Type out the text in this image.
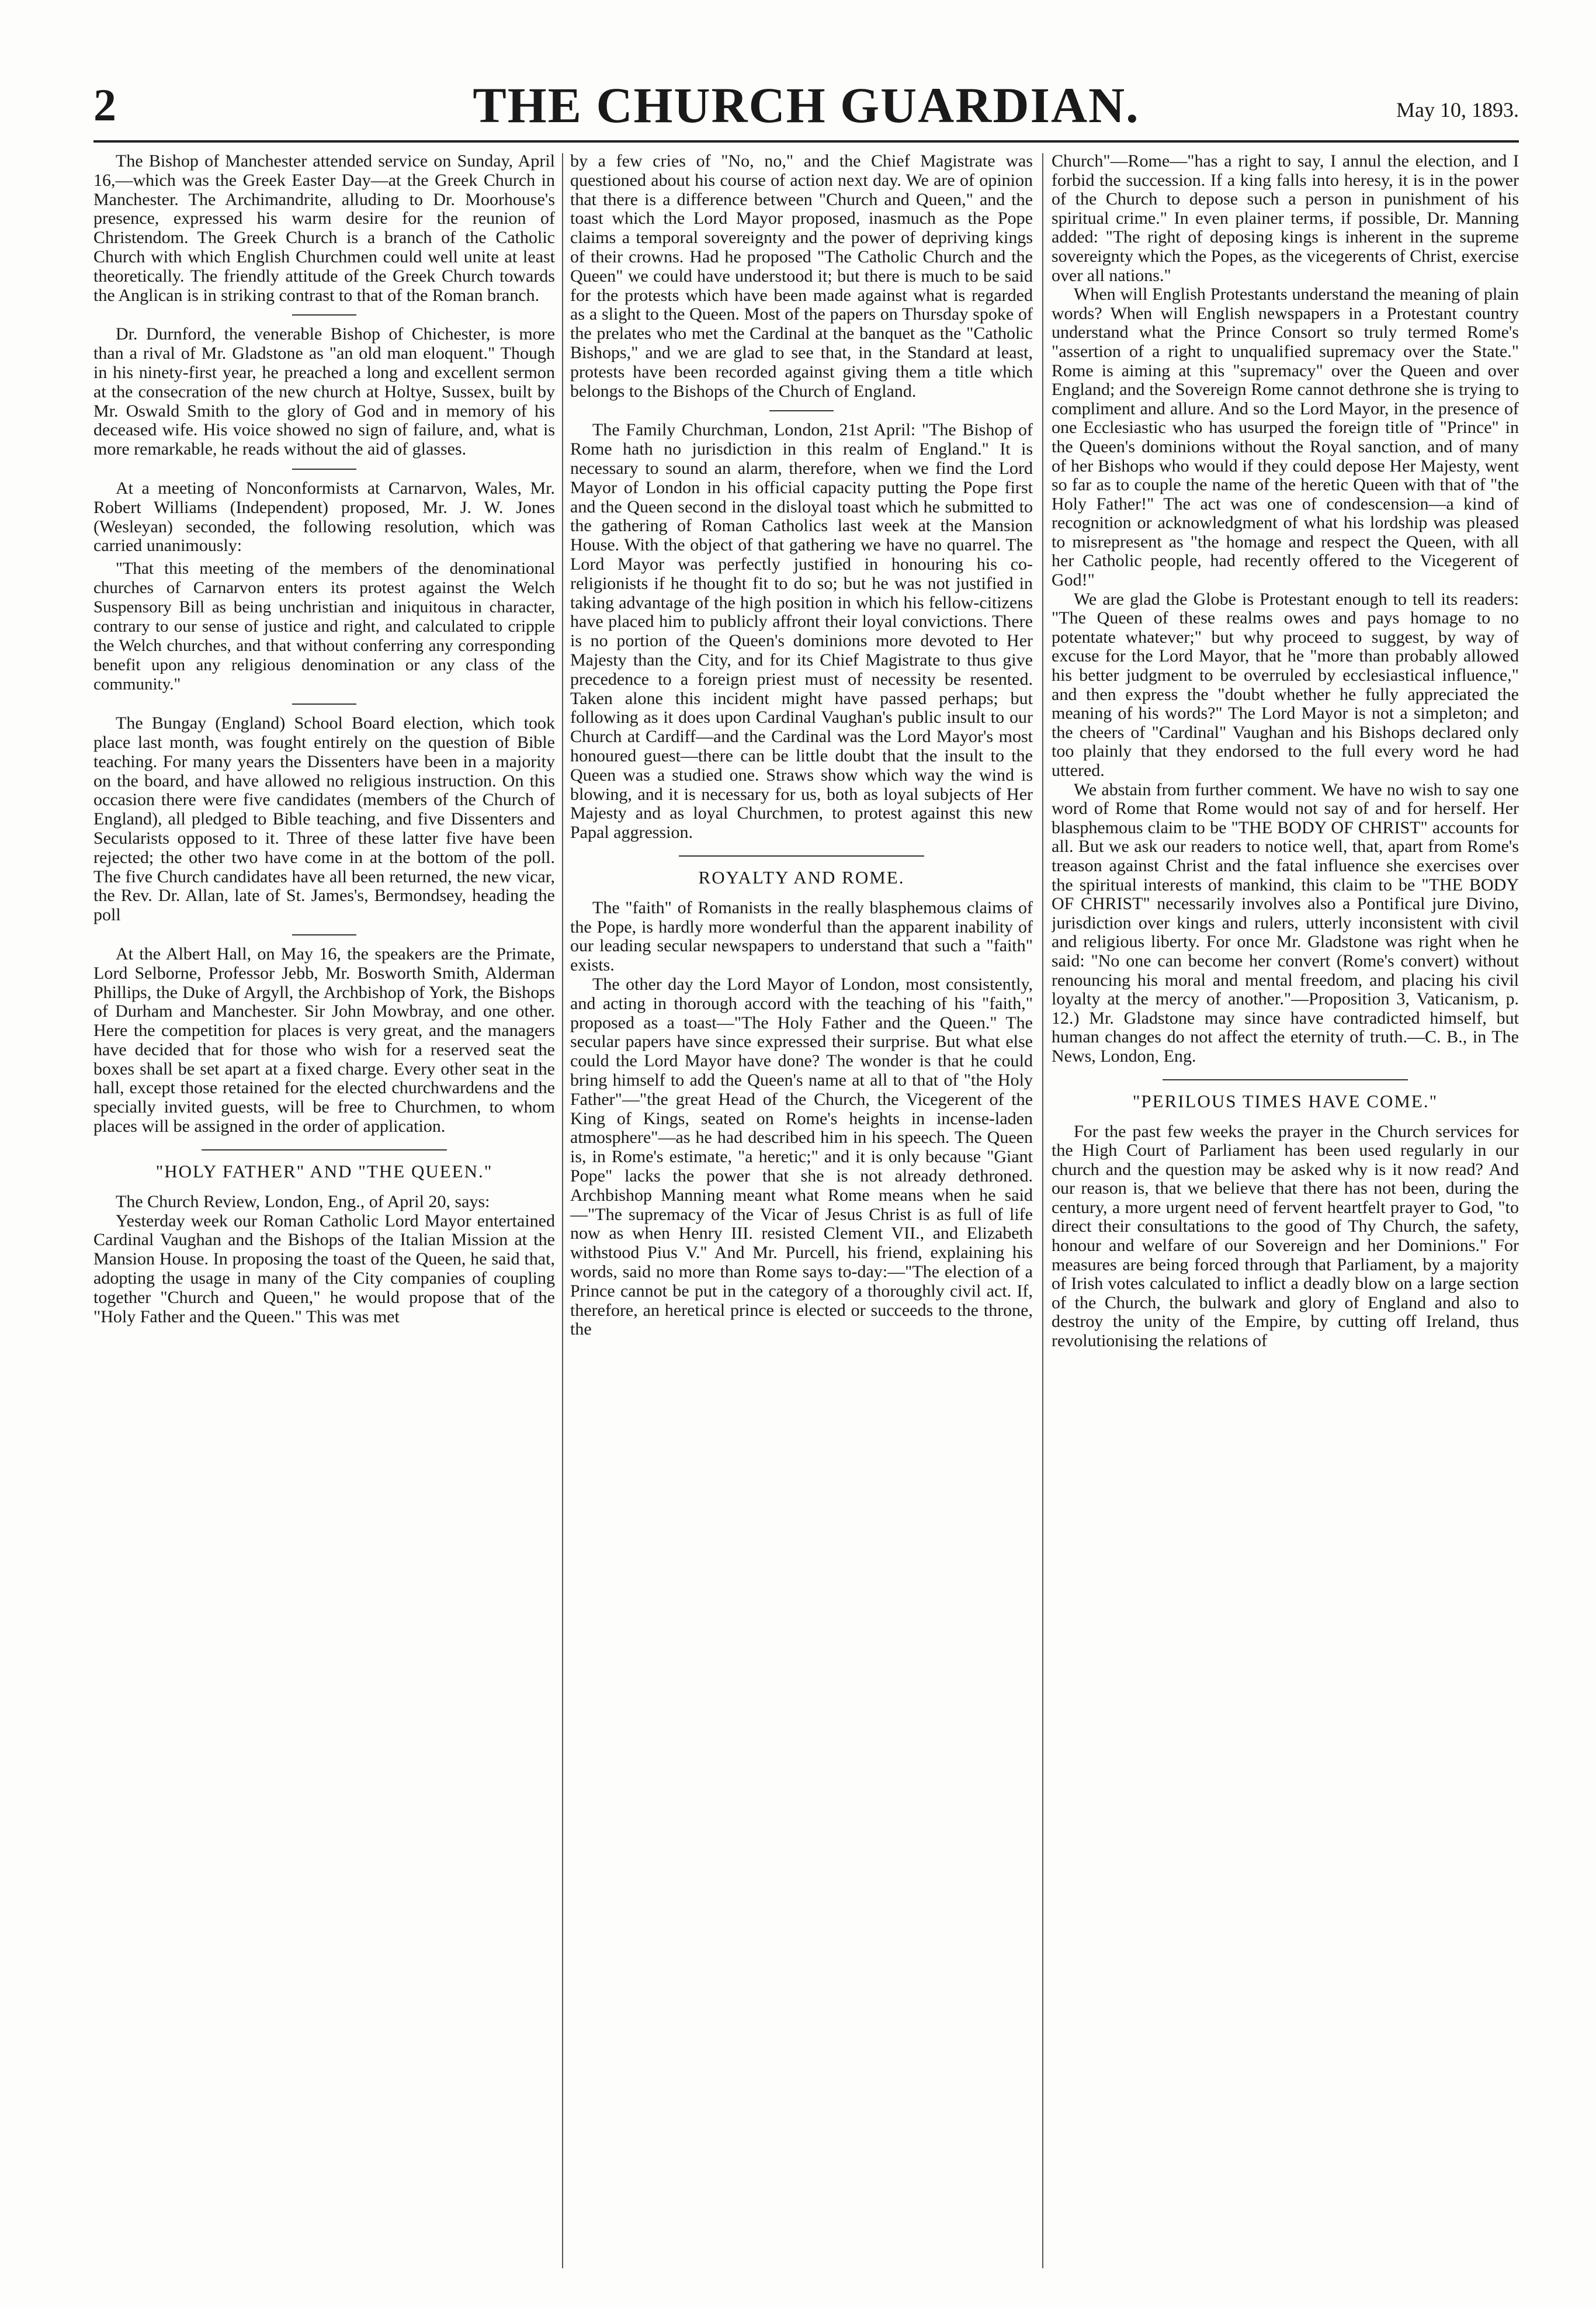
2	THE CHURCH GUARDIAN.	May 10, 1893.

The Bishop of Manchester attended service on Sunday, April 16,—which was the Greek Easter Day—at the Greek Church in Manchester. The Archimandrite, alluding to Dr. Moorhouse's presence, expressed his warm desire for the reunion of Christendom. The Greek Church is a branch of the Catholic Church with which English Churchmen could well unite at least theoretically. The friendly attitude of the Greek Church towards the Anglican is in striking contrast to that of the Roman branch.

Dr. Durnford, the venerable Bishop of Chichester, is more than a rival of Mr. Gladstone as "an old man eloquent." Though in his ninety-first year, he preached a long and excellent sermon at the consecration of the new church at Holtye, Sussex, built by Mr. Oswald Smith to the glory of God and in memory of his deceased wife. His voice showed no sign of failure, and, what is more remarkable, he reads without the aid of glasses.

At a meeting of Nonconformists at Carnarvon, Wales, Mr. Robert Williams (Independent) proposed, Mr. J. W. Jones (Wesleyan) seconded, the following resolution, which was carried unanimously:

"That this meeting of the members of the denominational churches of Carnarvon enters its protest against the Welch Suspensory Bill as being unchristian and iniquitous in character, contrary to our sense of justice and right, and calculated to cripple the Welch churches, and that without conferring any corresponding benefit upon any religious denomination or any class of the community."

The Bungay (England) School Board election, which took place last month, was fought entirely on the question of Bible teaching. For many years the Dissenters have been in a majority on the board, and have allowed no religious instruction. On this occasion there were five candidates (members of the Church of England), all pledged to Bible teaching, and five Dissenters and Secularists opposed to it. Three of these latter five have been rejected; the other two have come in at the bottom of the poll. The five Church candidates have all been returned, the new vicar, the Rev. Dr. Allan, late of St. James's, Bermondsey, heading the poll

At the Albert Hall, on May 16, the speakers are the Primate, Lord Selborne, Professor Jebb, Mr. Bosworth Smith, Alderman Phillips, the Duke of Argyll, the Archbishop of York, the Bishops of Durham and Manchester. Sir John Mowbray, and one other. Here the competition for places is very great, and the managers have decided that for those who wish for a reserved seat the boxes shall be set apart at a fixed charge. Every other seat in the hall, except those retained for the elected churchwardens and the specially invited guests, will be free to Churchmen, to whom places will be assigned in the order of application.

"HOLY FATHER" AND "THE QUEEN."

The Church Review, London, Eng., of April 20, says:

Yesterday week our Roman Catholic Lord Mayor entertained Cardinal Vaughan and the Bishops of the Italian Mission at the Mansion House. In proposing the toast of the Queen, he said that, adopting the usage in many of the City companies of coupling together "Church and Queen," he would propose that of the "Holy Father and the Queen." This was met

by a few cries of "No, no," and the Chief Magistrate was questioned about his course of action next day. We are of opinion that there is a difference between "Church and Queen," and the toast which the Lord Mayor proposed, inasmuch as the Pope claims a temporal sovereignty and the power of depriving kings of their crowns. Had he proposed "The Catholic Church and the Queen" we could have understood it; but there is much to be said for the protests which have been made against what is regarded as a slight to the Queen. Most of the papers on Thursday spoke of the prelates who met the Cardinal at the banquet as the "Catholic Bishops," and we are glad to see that, in the Standard at least, protests have been recorded against giving them a title which belongs to the Bishops of the Church of England.

The Family Churchman, London, 21st April: "The Bishop of Rome hath no jurisdiction in this realm of England." It is necessary to sound an alarm, therefore, when we find the Lord Mayor of London in his official capacity putting the Pope first and the Queen second in the disloyal toast which he submitted to the gathering of Roman Catholics last week at the Mansion House. With the object of that gathering we have no quarrel. The Lord Mayor was perfectly justified in honouring his co-religionists if he thought fit to do so; but he was not justified in taking advantage of the high position in which his fellow-citizens have placed him to publicly affront their loyal convictions. There is no portion of the Queen's dominions more devoted to Her Majesty than the City, and for its Chief Magistrate to thus give precedence to a foreign priest must of necessity be resented. Taken alone this incident might have passed perhaps; but following as it does upon Cardinal Vaughan's public insult to our Church at Cardiff—and the Cardinal was the Lord Mayor's most honoured guest—there can be little doubt that the insult to the Queen was a studied one. Straws show which way the wind is blowing, and it is necessary for us, both as loyal subjects of Her Majesty and as loyal Churchmen, to protest against this new Papal aggression.

ROYALTY AND ROME.

The "faith" of Romanists in the really blasphemous claims of the Pope, is hardly more wonderful than the apparent inability of our leading secular newspapers to understand that such a "faith" exists.

The other day the Lord Mayor of London, most consistently, and acting in thorough accord with the teaching of his "faith," proposed as a toast—"The Holy Father and the Queen." The secular papers have since expressed their surprise. But what else could the Lord Mayor have done? The wonder is that he could bring himself to add the Queen's name at all to that of "the Holy Father"—"the great Head of the Church, the Vicegerent of the King of Kings, seated on Rome's heights in incense-laden atmosphere"—as he had described him in his speech. The Queen is, in Rome's estimate, "a heretic;" and it is only because "Giant Pope" lacks the power that she is not already dethroned. Archbishop Manning meant what Rome means when he said—"The supremacy of the Vicar of Jesus Christ is as full of life now as when Henry III. resisted Clement VII., and Elizabeth withstood Pius V." And Mr. Purcell, his friend, explaining his words, said no more than Rome says to-day:—"The election of a Prince cannot be put in the category of a thoroughly civil act. If, therefore, an heretical prince is elected or succeeds to the throne, the

Church"—Rome—"has a right to say, I annul the election, and I forbid the succession. If a king falls into heresy, it is in the power of the Church to depose such a person in punishment of his spiritual crime." In even plainer terms, if possible, Dr. Manning added: "The right of deposing kings is inherent in the supreme sovereignty which the Popes, as the vicegerents of Christ, exercise over all nations."

When will English Protestants understand the meaning of plain words? When will English newspapers in a Protestant country understand what the Prince Consort so truly termed Rome's "assertion of a right to unqualified supremacy over the State." Rome is aiming at this "supremacy" over the Queen and over England; and the Sovereign Rome cannot dethrone she is trying to compliment and allure. And so the Lord Mayor, in the presence of one Ecclesiastic who has usurped the foreign title of "Prince" in the Queen's dominions without the Royal sanction, and of many of her Bishops who would if they could depose Her Majesty, went so far as to couple the name of the heretic Queen with that of "the Holy Father!" The act was one of condescension—a kind of recognition or acknowledgment of what his lordship was pleased to misrepresent as "the homage and respect the Queen, with all her Catholic people, had recently offered to the Vicegerent of God!"

We are glad the Globe is Protestant enough to tell its readers: "The Queen of these realms owes and pays homage to no potentate whatever;" but why proceed to suggest, by way of excuse for the Lord Mayor, that he "more than probably allowed his better judgment to be overruled by ecclesiastical influence," and then express the "doubt whether he fully appreciated the meaning of his words?" The Lord Mayor is not a simpleton; and the cheers of "Cardinal" Vaughan and his Bishops declared only too plainly that they endorsed to the full every word he had uttered.

We abstain from further comment. We have no wish to say one word of Rome that Rome would not say of and for herself. Her blasphemous claim to be "THE BODY OF CHRIST" accounts for all. But we ask our readers to notice well, that, apart from Rome's treason against Christ and the fatal influence she exercises over the spiritual interests of mankind, this claim to be "THE BODY OF CHRIST" necessarily involves also a Pontifical jure Divino, jurisdiction over kings and rulers, utterly inconsistent with civil and religious liberty. For once Mr. Gladstone was right when he said: "No one can become her convert (Rome's convert) without renouncing his moral and mental freedom, and placing his civil loyalty at the mercy of another."—Proposition 3, Vaticanism, p. 12.) Mr. Gladstone may since have contradicted himself, but human changes do not affect the eternity of truth.—C. B., in The News, London, Eng.

"PERILOUS TIMES HAVE COME."

For the past few weeks the prayer in the Church services for the High Court of Parliament has been used regularly in our church and the question may be asked why is it now read? And our reason is, that we believe that there has not been, during the century, a more urgent need of fervent heartfelt prayer to God, "to direct their consultations to the good of Thy Church, the safety, honour and welfare of our Sovereign and her Dominions." For measures are being forced through that Parliament, by a majority of Irish votes calculated to inflict a deadly blow on a large section of the Church, the bulwark and glory of England and also to destroy the unity of the Empire, by cutting off Ireland, thus revolutionising the relations of
